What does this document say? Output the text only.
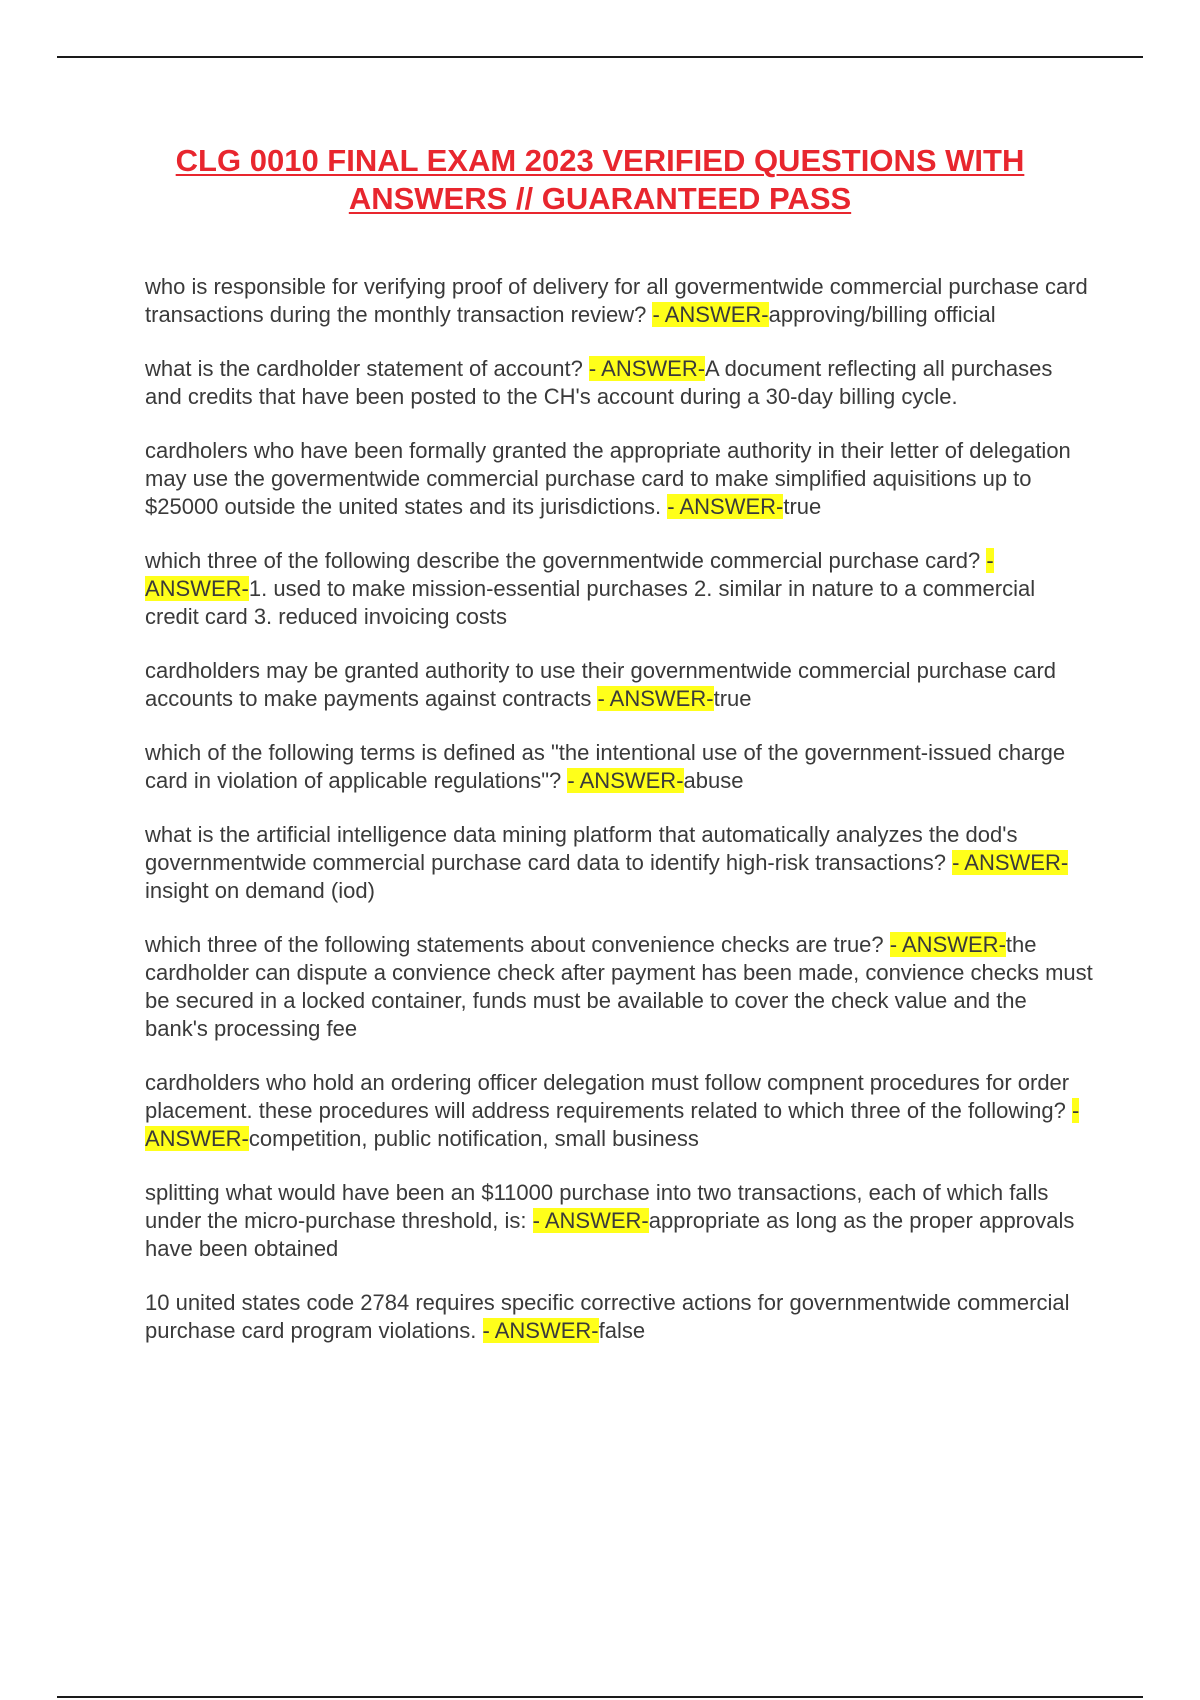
CLG 0010 FINAL EXAM 2023 VERIFIED QUESTIONS WITH ANSWERS // GUARANTEED PASS
who is responsible for verifying proof of delivery for all govermentwide commercial purchase card transactions during the monthly transaction review? - ANSWER-approving/billing official
what is the cardholder statement of account? - ANSWER-A document reflecting all purchases and credits that have been posted to the CH's account during a 30-day billing cycle.
cardholers who have been formally granted the appropriate authority in their letter of delegation may use the govermentwide commercial purchase card to make simplified aquisitions up to $25000 outside the united states and its jurisdictions. - ANSWER-true
which three of the following describe the governmentwide commercial purchase card? - ANSWER-1. used to make mission-essential purchases 2. similar in nature to a commercial credit card 3. reduced invoicing costs
cardholders may be granted authority to use their governmentwide commercial purchase card accounts to make payments against contracts - ANSWER-true
which of the following terms is defined as "the intentional use of the government-issued charge card in violation of applicable regulations"? - ANSWER-abuse
what is the artificial intelligence data mining platform that automatically analyzes the dod's governmentwide commercial purchase card data to identify high-risk transactions? - ANSWER-insight on demand (iod)
which three of the following statements about convenience checks are true? - ANSWER-the cardholder can dispute a convience check after payment has been made, convience checks must be secured in a locked container, funds must be available to cover the check value and the bank's processing fee
cardholders who hold an ordering officer delegation must follow compnent procedures for order placement. these procedures will address requirements related to which three of the following? - ANSWER-competition, public notification, small business
splitting what would have been an $11000 purchase into two transactions, each of which falls under the micro-purchase threshold, is: - ANSWER-appropriate as long as the proper approvals have been obtained
10 united states code 2784 requires specific corrective actions for governmentwide commercial purchase card program violations. - ANSWER-false
